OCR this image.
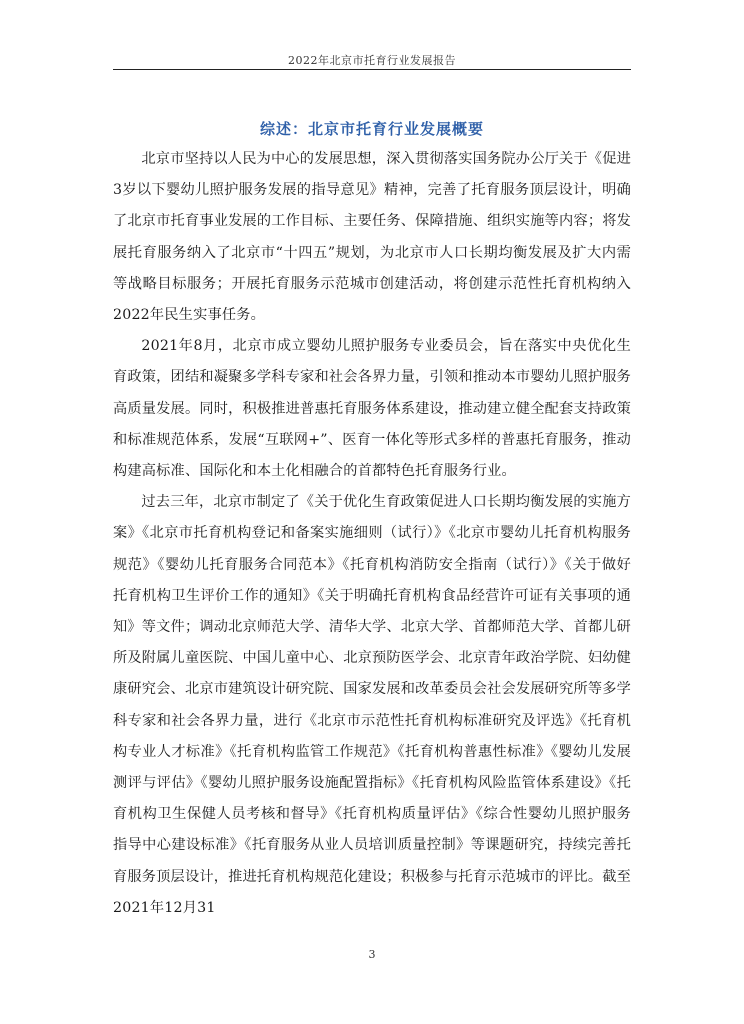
2022年北京市托育行业发展报告
综述：北京市托育行业发展概要

北京市坚持以人民为中心的发展思想，深入贯彻落实国务院办公厅关于《促进3岁以下婴幼儿照护服务发展的指导意见》精神，完善了托育服务顶层设计，明确了北京市托育事业发展的工作目标、主要任务、保障措施、组织实施等内容；将发展托育服务纳入了北京市“十四五”规划，为北京市人口长期均衡发展及扩大内需等战略目标服务；开展托育服务示范城市创建活动，将创建示范性托育机构纳入2022年民生实事任务。

2021年8月，北京市成立婴幼儿照护服务专业委员会，旨在落实中央优化生育政策，团结和凝聚多学科专家和社会各界力量，引领和推动本市婴幼儿照护服务高质量发展。同时，积极推进普惠托育服务体系建设，推动建立健全配套支持政策和标准规范体系，发展“互联网+”、医育一体化等形式多样的普惠托育服务，推动构建高标准、国际化和本土化相融合的首都特色托育服务行业。

过去三年，北京市制定了《关于优化生育政策促进人口长期均衡发展的实施方案》《北京市托育机构登记和备案实施细则（试行）》《北京市婴幼儿托育机构服务规范》《婴幼儿托育服务合同范本》《托育机构消防安全指南（试行）》《关于做好托育机构卫生评价工作的通知》《关于明确托育机构食品经营许可证有关事项的通知》等文件；调动北京师范大学、清华大学、北京大学、首都师范大学、首都儿研所及附属儿童医院、中国儿童中心、北京预防医学会、北京青年政治学院、妇幼健康研究会、北京市建筑设计研究院、国家发展和改革委员会社会发展研究所等多学科专家和社会各界力量，进行《北京市示范性托育机构标准研究及评选》《托育机构专业人才标准》《托育机构监管工作规范》《托育机构普惠性标准》《婴幼儿发展测评与评估》《婴幼儿照护服务设施配置指标》《托育机构风险监管体系建设》《托育机构卫生保健人员考核和督导》《托育机构质量评估》《综合性婴幼儿照护服务指导中心建设标准》《托育服务从业人员培训质量控制》等课题研究，持续完善托育服务顶层设计，推进托育机构规范化建设；积极参与托育示范城市的评比。截至2021年12月31

3
